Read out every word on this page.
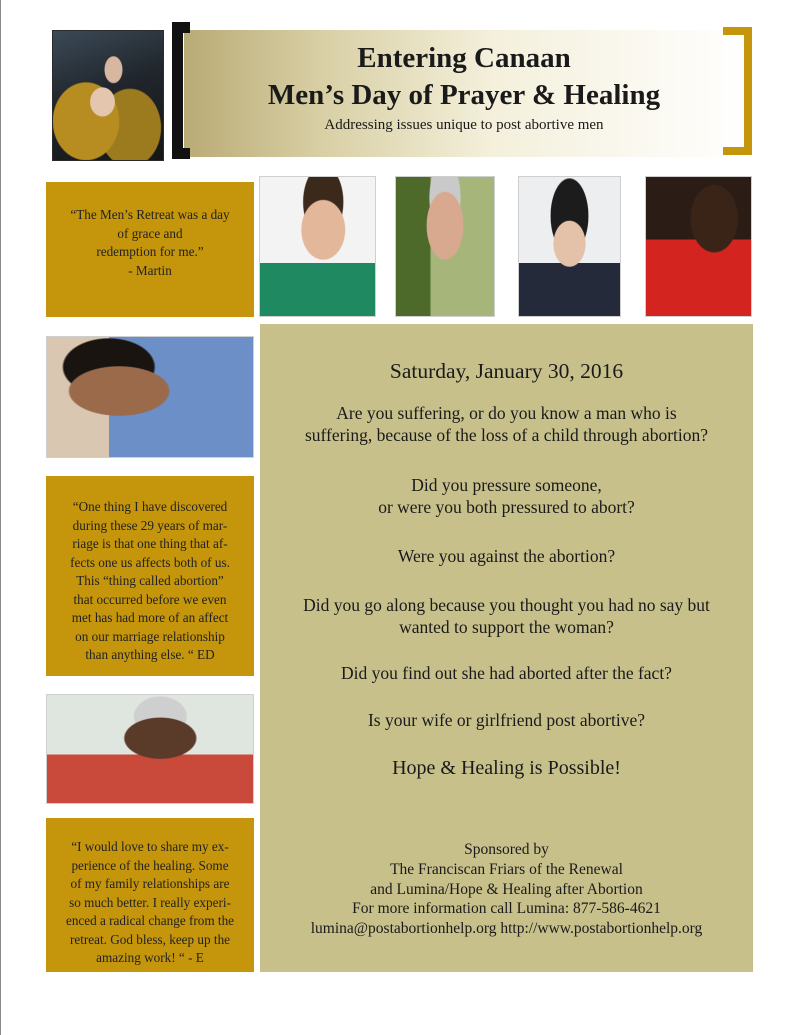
Entering Canaan
Men’s Day of Prayer & Healing
Addressing issues unique to post abortive men
“The Men’s Retreat was a day
of grace and
redemption for me.”
- Martin
“One thing I have discovered
during these 29 years of mar-
riage is that one thing that af-
fects one us affects both of us.
This “thing called abortion”
that occurred before we even
met has had more of an affect
on our marriage relationship
than anything else. “ ED
“I would love to share my ex-
perience of the healing. Some
of my family relationships are
so much better. I really experi-
enced a radical change from the
retreat. God bless, keep up the
amazing work! “ - E

Saturday, January 30, 2016

Are you suffering, or do you know a man who is
suffering, because of the loss of a child through abortion?

Did you pressure someone,
or were you both pressured to abort?

Were you against the abortion?

Did you go along because you thought you had no say but
wanted to support the woman?

Did you find out she had aborted after the fact?

Is your wife or girlfriend post abortive?

Hope & Healing is Possible!

Sponsored by
The Franciscan Friars of the Renewal
and Lumina/Hope & Healing after Abortion
For more information call Lumina: 877-586-4621
lumina@postabortionhelp.org http://www.postabortionhelp.org
